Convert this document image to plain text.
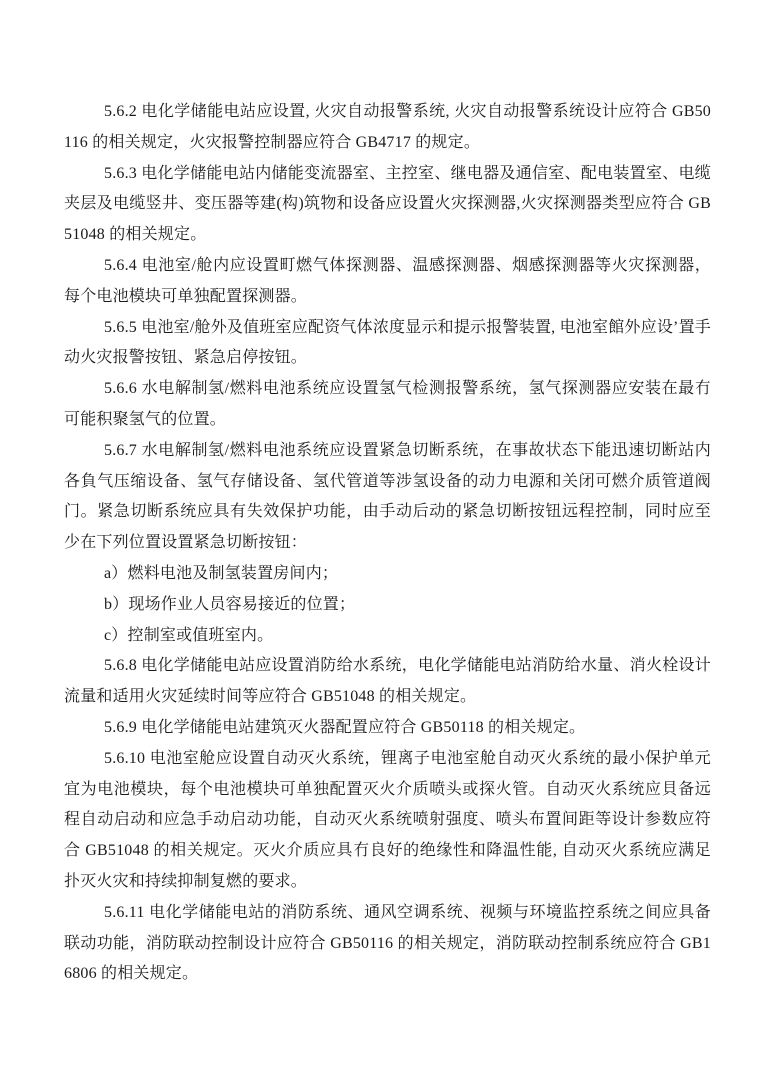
5.6.2 电化学储能电站应设置, 火灾自动报警系统, 火灾自动报警系统设计应符合 GB50116 的相关规定，火灾报警控制器应符合 GB4717 的规定。

5.6.3 电化学储能电站内储能变流器室、主控室、继电器及通信室、配电装置室、电缆夹层及电缆竖井、变压器等建(构)筑物和设备应设置火灾探测器,火灾探测器类型应符合 GB51048 的相关规定。

5.6.4 电池室/舱内应设置町燃气体探测器、温感探测器、烟感探测器等火灾探测器，每个电池模块可单独配置探测器。

5.6.5 电池室/舱外及值班室应配资气体浓度显示和提示报警装置, 电池室館外应设’置手动火灾报警按钮、紧急启停按钮。

5.6.6 水电解制氢/燃料电池系统应设置氢气检测报警系统，氢气探测器应安装在最冇可能积聚氢气的位置。

5.6.7 水电解制氢/燃料电池系统应设置紧急切断系统，在事故状态下能迅速切断站内各負气压缩设备、氢气存储设备、氢代管道等涉氢设备的动力电源和关闭可燃介质管道阀门。紧急切断系统应具有失效保护功能，由手动后动的紧急切断按钮远程控制，同时应至少在下列位置设置紧急切断按钮：

a）燃料电池及制氢装置房间内；

b）现场作业人员容易接近的位置；

c）控制室或值班室内。

5.6.8 电化学储能电站应设置消防给水系统，电化学储能电站消防给水量、消火栓设计流量和适用火灾延续时间等应符合 GB51048 的相关规定。

5.6.9 电化学储能电站建筑灭火器配置应符合 GB50118 的相关规定。

5.6.10 电池室舱应设置自动灭火系统，锂离子电池室舱自动灭火系统的最小保护单元宜为电池模块，每个电池模块可单独配置灭火介质喷头或探火管。自动灭火系统应貝备远程自动启动和应急手动启动功能，自动灭火系统喷射强度、喷头布置间距等设计参数应符合 GB51048 的相关规定。灭火介质应具冇良好的绝缘性和降温性能, 自动灭火系统应满足扑灭火灾和持续抑制复燃的要求。

5.6.11 电化学储能电站的消防系统、通风空调系统、视频与环境监控系统之间应具备联动功能，消防联动控制设计应符合 GB50116 的相关规定，消防联动控制系统应符合 GB16806 的相关规定。
